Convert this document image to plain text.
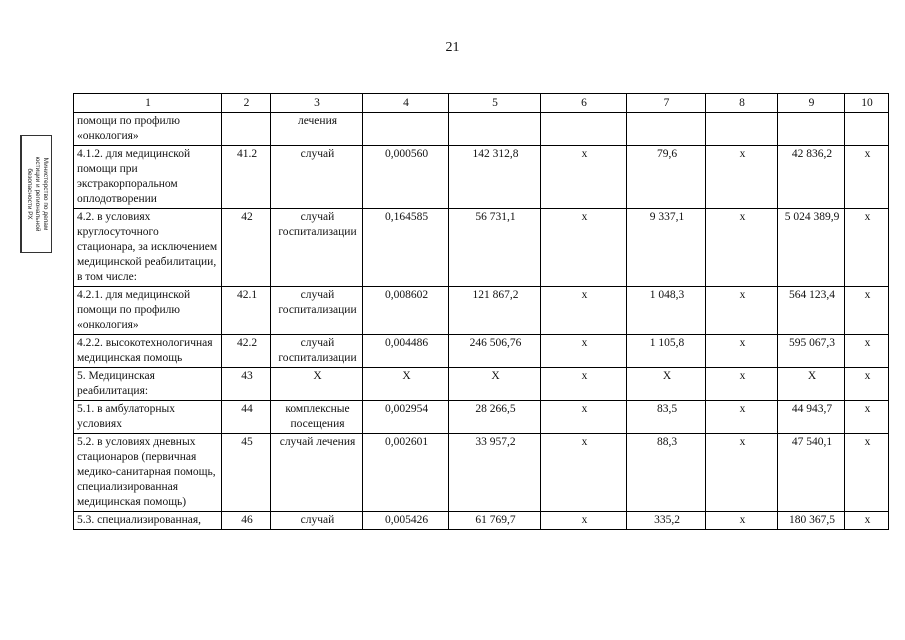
21
Министерство по делам
юстиции и региональной
безопасности РХ
1	2	3	4	5	6	7	8	9	10
помощи по профилю «онкология»		лечения							
4.1.2. для медицинской помощи при экстракорпоральном оплодотворении	41.2	случай	0,000560	142 312,8	х	79,6	х	42 836,2	х
4.2. в условиях круглосуточного стационара, за исключением медицинской реабилитации, в том числе:	42	случай госпитализации	0,164585	56 731,1	х	9 337,1	х	5 024 389,9	х
4.2.1. для медицинской помощи по профилю «онкология»	42.1	случай госпитализации	0,008602	121 867,2	х	1 048,3	х	564 123,4	х
4.2.2. высокотехнологичная медицинская помощь	42.2	случай госпитализации	0,004486	246 506,76	х	1 105,8	х	595 067,3	х
5. Медицинская реабилитация:	43	Х	Х	Х	х	Х	х	Х	х
5.1. в амбулаторных условиях	44	комплексные посещения	0,002954	28 266,5	х	83,5	х	44 943,7	х
5.2. в условиях дневных стационаров (первичная медико-санитарная помощь, специализированная медицинская помощь)	45	случай лечения	0,002601	33 957,2	х	88,3	х	47 540,1	х
5.3. специализированная,	46	случай	0,005426	61 769,7	х	335,2	х	180 367,5	х
